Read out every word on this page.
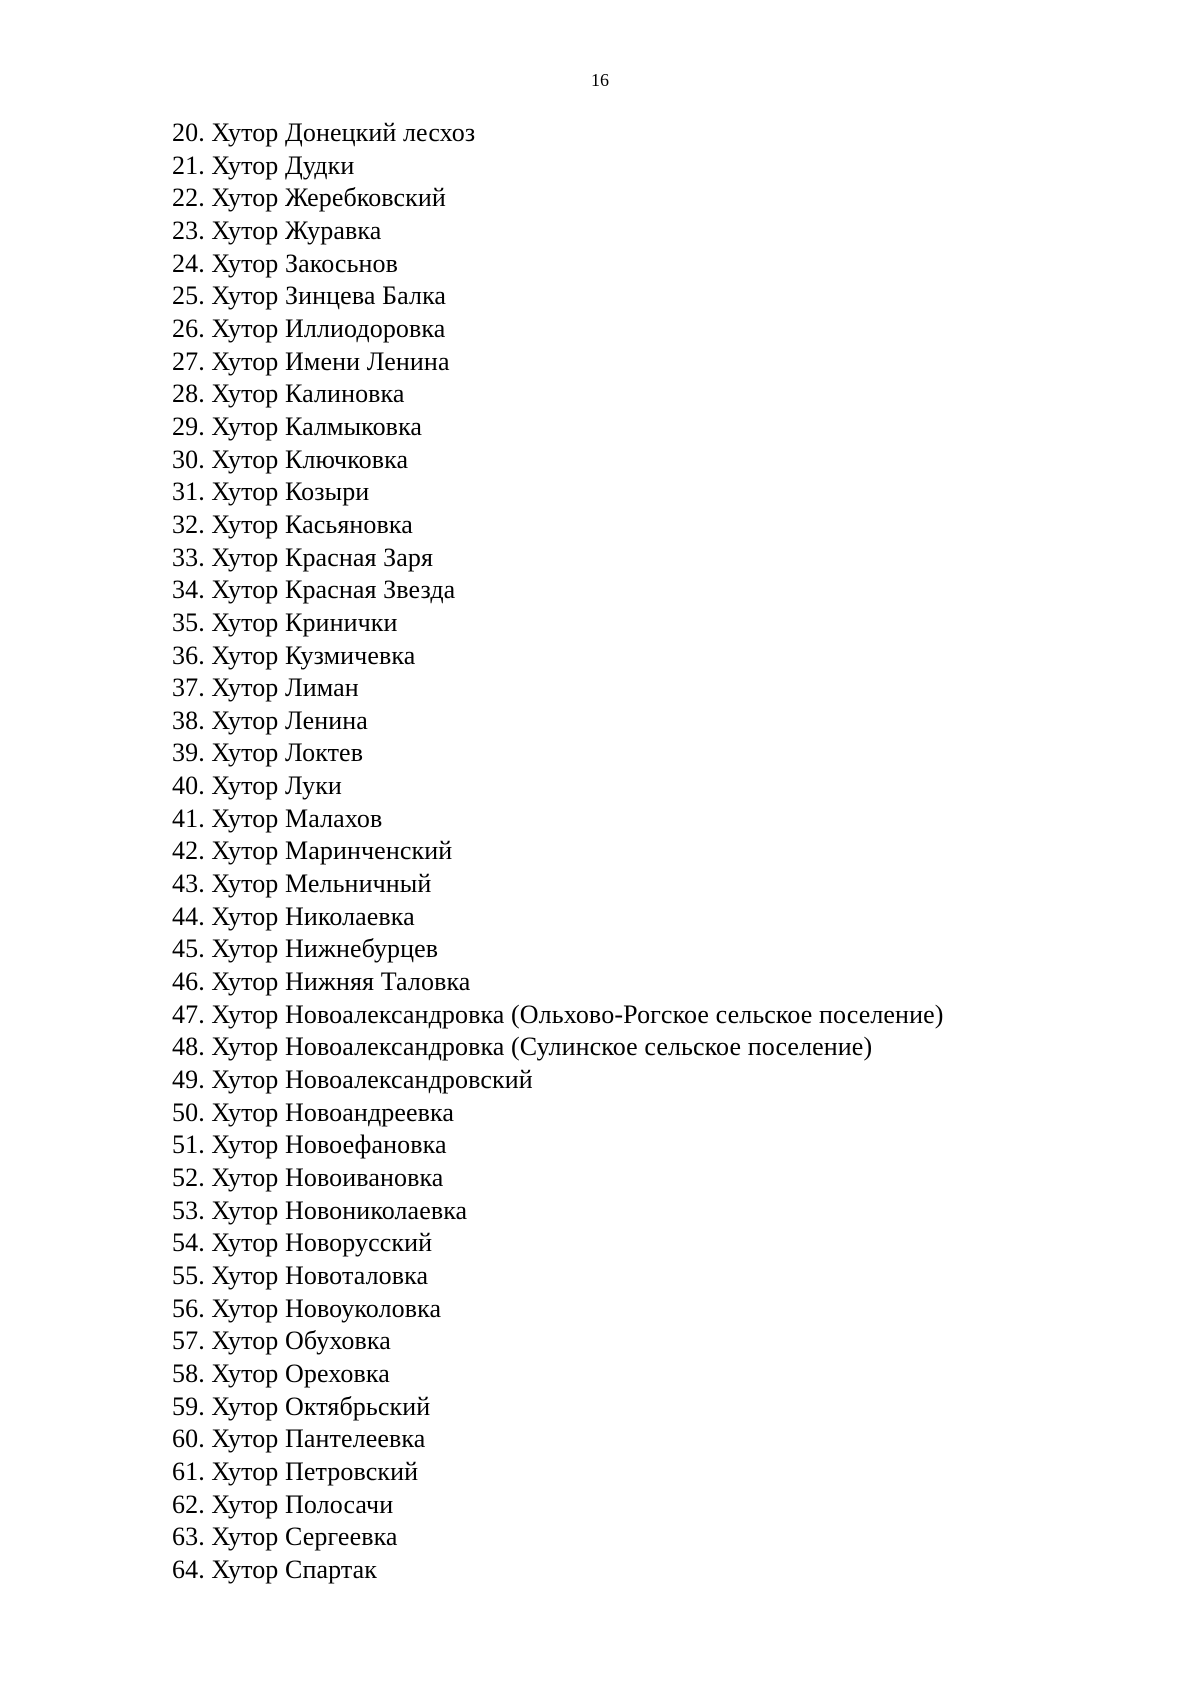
16
20. Хутор Донецкий лесхоз
21. Хутор Дудки
22. Хутор Жеребковский
23. Хутор Журавка
24. Хутор Закосьнов
25. Хутор Зинцева Балка
26. Хутор Иллиодоровка
27. Хутор Имени Ленина
28. Хутор Калиновка
29. Хутор Калмыковка
30. Хутор Ключковка
31. Хутор Козыри
32. Хутор Касьяновка
33. Хутор Красная Заря
34. Хутор Красная Звезда
35. Хутор Кринички
36. Хутор Кузмичевка
37. Хутор Лиман
38. Хутор Ленина
39. Хутор Локтев
40. Хутор Луки
41. Хутор Малахов
42. Хутор Маринченский
43. Хутор Мельничный
44. Хутор Николаевка
45. Хутор Нижнебурцев
46. Хутор Нижняя Таловка
47. Хутор Новоалександровка (Ольховo-Рогское сельское поселение)
48. Хутор Новоалександровка (Сулинское сельское поселение)
49. Хутор Новоалександровский
50. Хутор Новоандреевка
51. Хутор Новоефановка
52. Хутор Новоивановка
53. Хутор Новониколаевка
54. Хутор Новорусский
55. Хутор Новоталовка
56. Хутор Новоуколовка
57. Хутор Обуховка
58. Хутор Ореховка
59. Хутор Октябрьский
60. Хутор Пантелеевка
61. Хутор Петровский
62. Хутор Полосачи
63. Хутор Сергеевка
64. Хутор Спартак
